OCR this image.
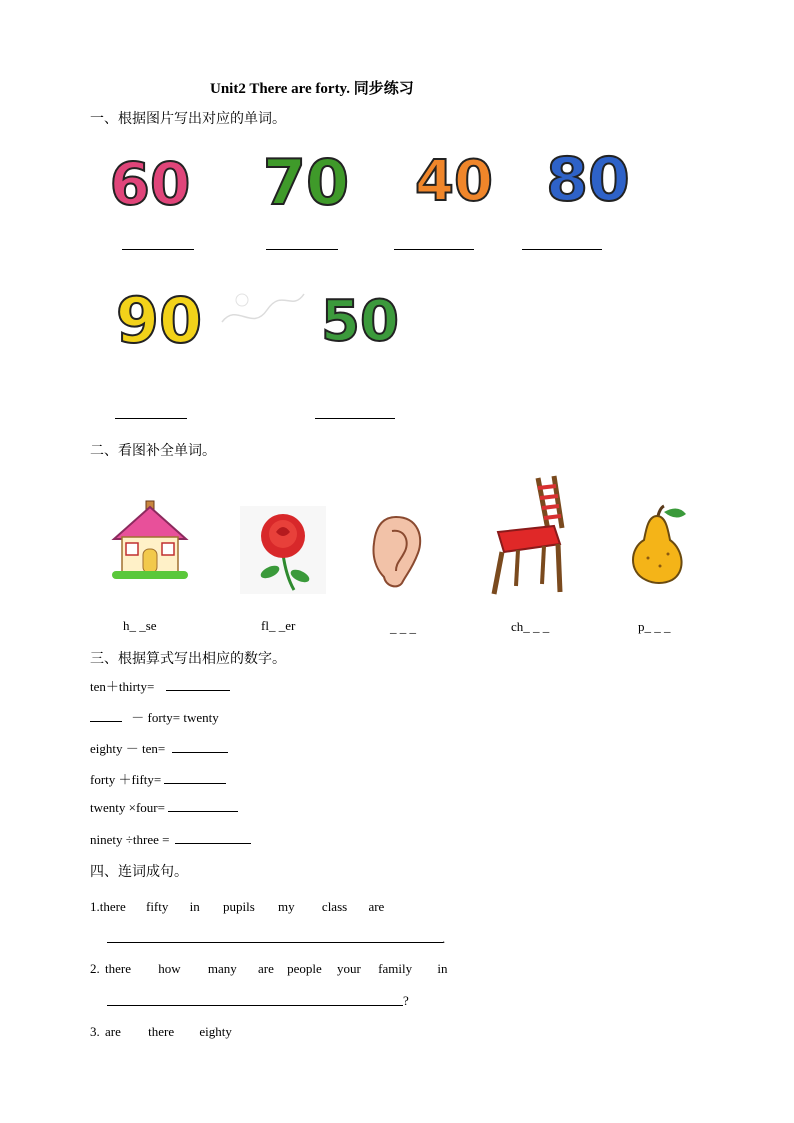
Unit2 There are forty. 同步练习
一、根据图片写出对应的单词。
60 70 40 80
90 50
二、看图补全单词。
h_ _se	fl_ _er	_ _ _	ch_ _ _	p_ _ _
三、根据算式写出相应的数字。
ten＋thirty=
－ forty= twenty
eighty － ten=
forty ＋fifty=
twenty ×four=
ninety ÷three =
四、连词成句。
1.there fifty in pupils my class are
.
2. there how many are people your family in
?
3. are there eighty
